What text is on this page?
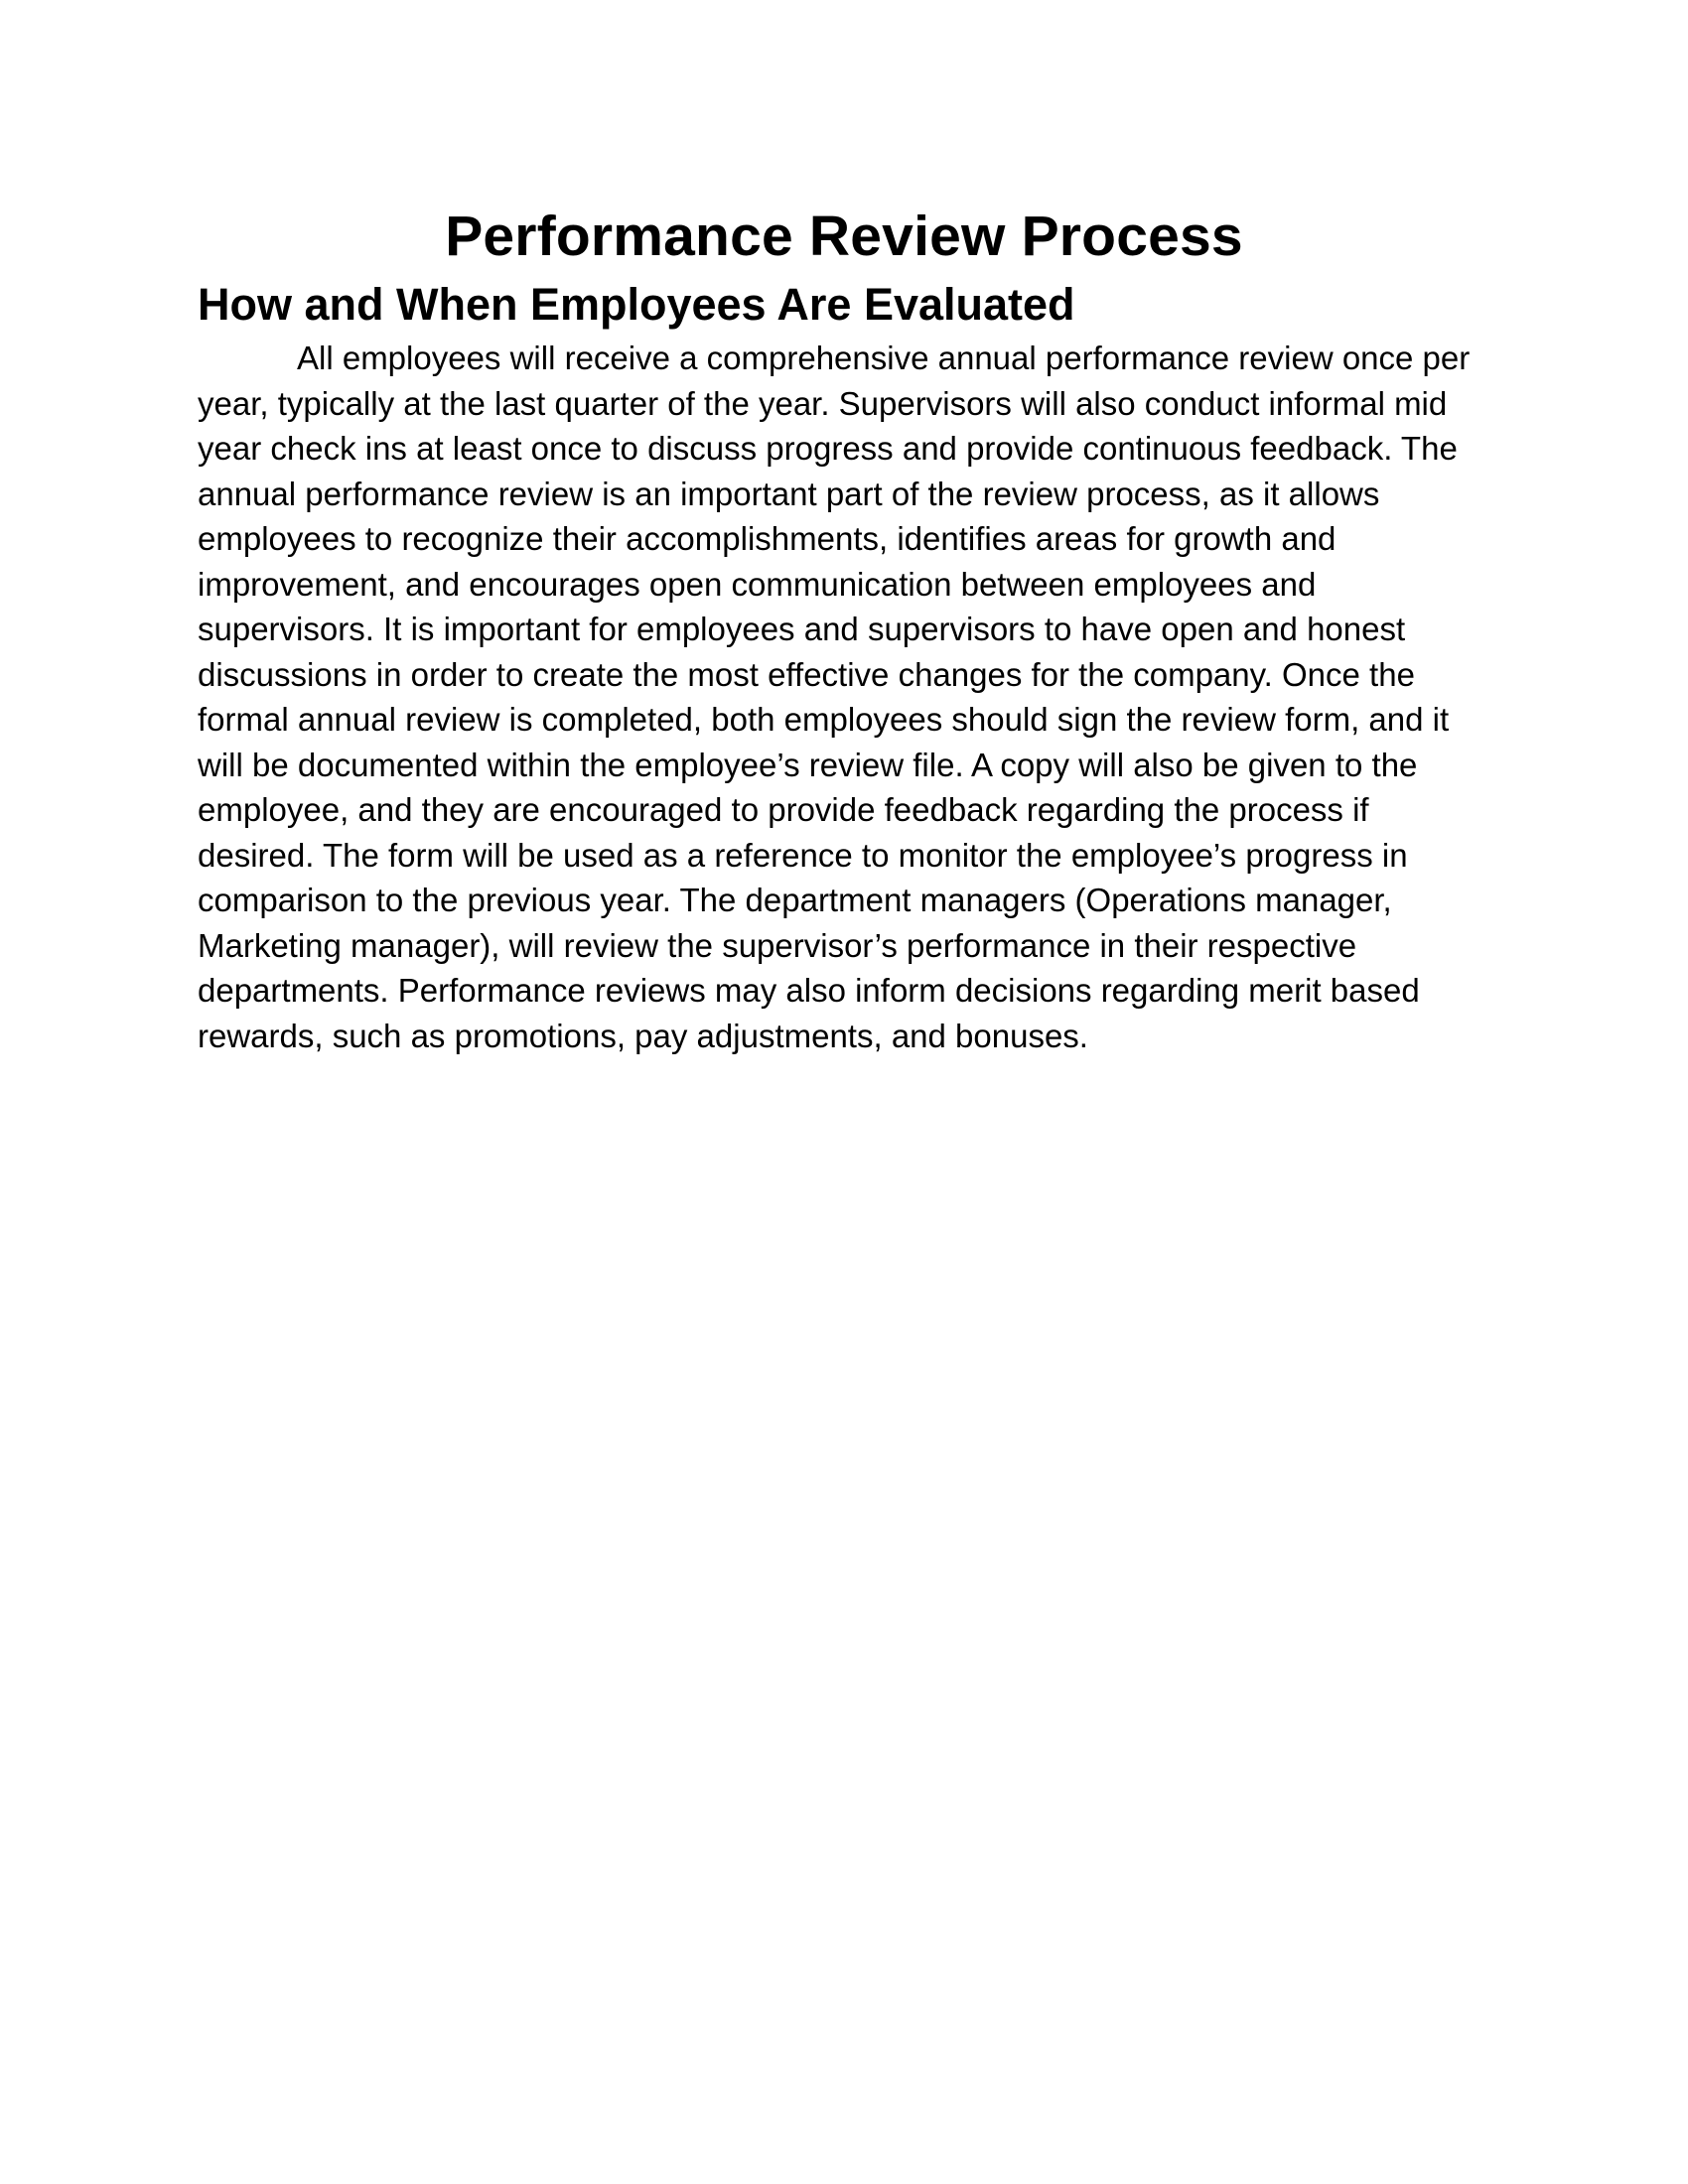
Performance Review Process
How and When Employees Are Evaluated

All employees will receive a comprehensive annual performance review once per
year, typically at the last quarter of the year. Supervisors will also conduct informal mid
year check ins at least once to discuss progress and provide continuous feedback. The
annual performance review is an important part of the review process, as it allows
employees to recognize their accomplishments, identifies areas for growth and
improvement, and encourages open communication between employees and
supervisors. It is important for employees and supervisors to have open and honest
discussions in order to create the most effective changes for the company. Once the
formal annual review is completed, both employees should sign the review form, and it
will be documented within the employee’s review file. A copy will also be given to the
employee, and they are encouraged to provide feedback regarding the process if
desired. The form will be used as a reference to monitor the employee’s progress in
comparison to the previous year. The department managers (Operations manager,
Marketing manager), will review the supervisor’s performance in their respective
departments. Performance reviews may also inform decisions regarding merit based
rewards, such as promotions, pay adjustments, and bonuses.
